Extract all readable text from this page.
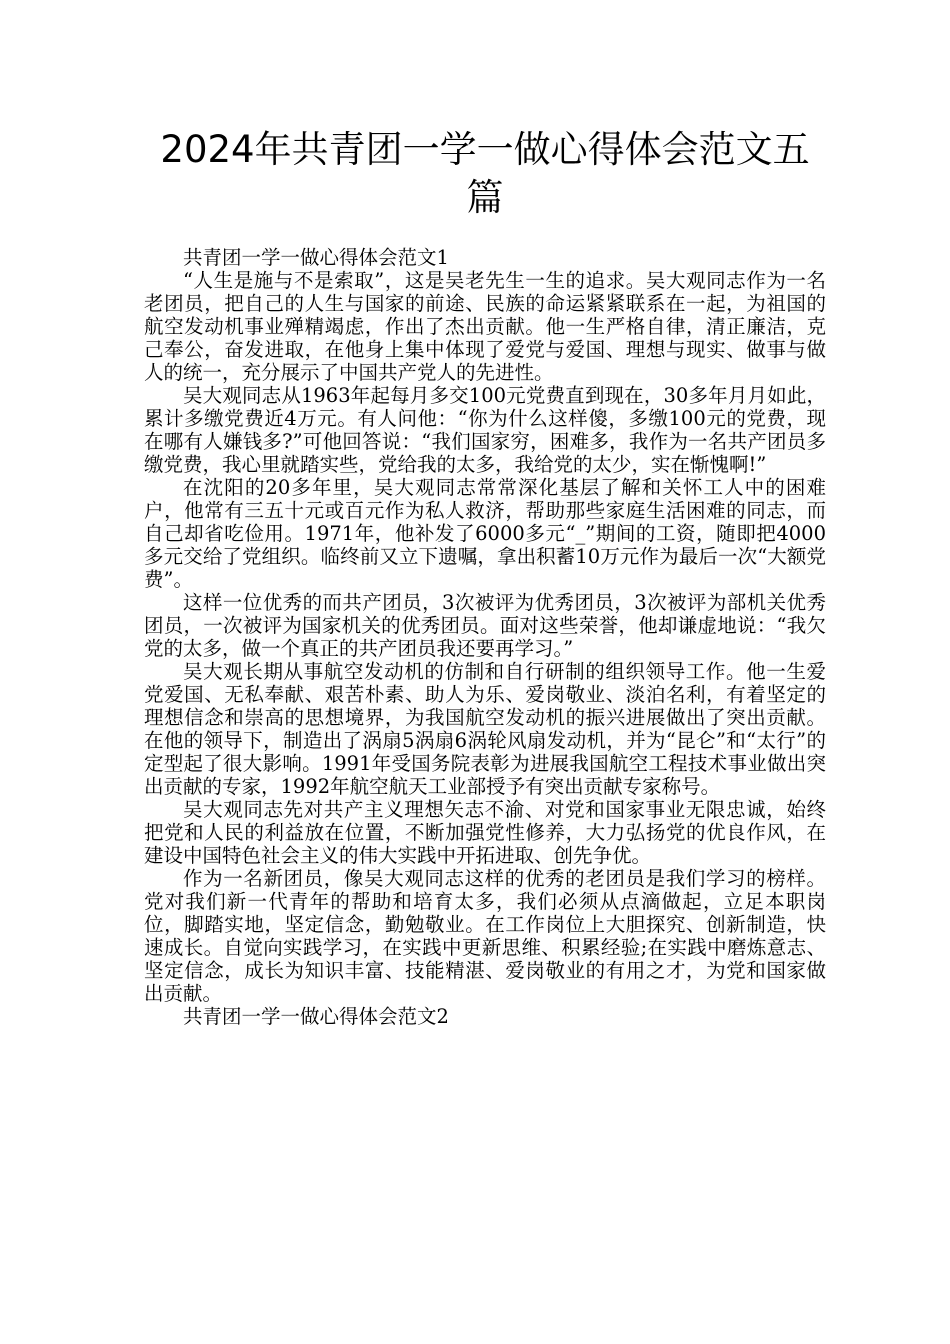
2024年共青团一学一做心得体会范文五篇

共青团一学一做心得体会范文1

“人生是施与不是索取”，这是吴老先生一生的追求。吴大观同志作为一名老团员，把自己的人生与国家的前途、民族的命运紧紧联系在一起，为祖国的航空发动机事业殚精竭虑，作出了杰出贡献。他一生严格自律，清正廉洁，克己奉公，奋发进取，在他身上集中体现了爱党与爱国、理想与现实、做事与做人的统一，充分展示了中国共产党人的先进性。

吴大观同志从1963年起每月多交100元党费直到现在，30多年月月如此，累计多缴党费近4万元。有人问他：“你为什么这样傻，多缴100元的党费，现在哪有人嫌钱多?”可他回答说：“我们国家穷，困难多，我作为一名共产团员多缴党费，我心里就踏实些，党给我的太多，我给党的太少，实在惭愧啊!”

在沈阳的20多年里，吴大观同志常常深化基层了解和关怀工人中的困难户，他常有三五十元或百元作为私人救济，帮助那些家庭生活困难的同志，而自己却省吃俭用。1971年，他补发了6000多元“_”期间的工资，随即把4000多元交给了党组织。临终前又立下遗嘱，拿出积蓄10万元作为最后一次“大额党费”。

这样一位优秀的而共产团员，3次被评为优秀团员，3次被评为部机关优秀团员，一次被评为国家机关的优秀团员。面对这些荣誉，他却谦虚地说：“我欠党的太多，做一个真正的共产团员我还要再学习。”

吴大观长期从事航空发动机的仿制和自行研制的组织领导工作。他一生爱党爱国、无私奉献、艰苦朴素、助人为乐、爱岗敬业、淡泊名利，有着坚定的理想信念和崇高的思想境界，为我国航空发动机的振兴进展做出了突出贡献。在他的领导下，制造出了涡扇5涡扇6涡轮风扇发动机，并为“昆仑”和“太行”的定型起了很大影响。1991年受国务院表彰为进展我国航空工程技术事业做出突出贡献的专家，1992年航空航天工业部授予有突出贡献专家称号。

吴大观同志先对共产主义理想矢志不渝、对党和国家事业无限忠诚，始终把党和人民的利益放在位置，不断加强党性修养，大力弘扬党的优良作风，在建设中国特色社会主义的伟大实践中开拓进取、创先争优。

作为一名新团员，像吴大观同志这样的优秀的老团员是我们学习的榜样。党对我们新一代青年的帮助和培育太多，我们必须从点滴做起，立足本职岗位，脚踏实地，坚定信念，勤勉敬业。在工作岗位上大胆探究、创新制造，快速成长。自觉向实践学习，在实践中更新思维、积累经验;在实践中磨炼意志、坚定信念，成长为知识丰富、技能精湛、爱岗敬业的有用之才，为党和国家做出贡献。

共青团一学一做心得体会范文2
